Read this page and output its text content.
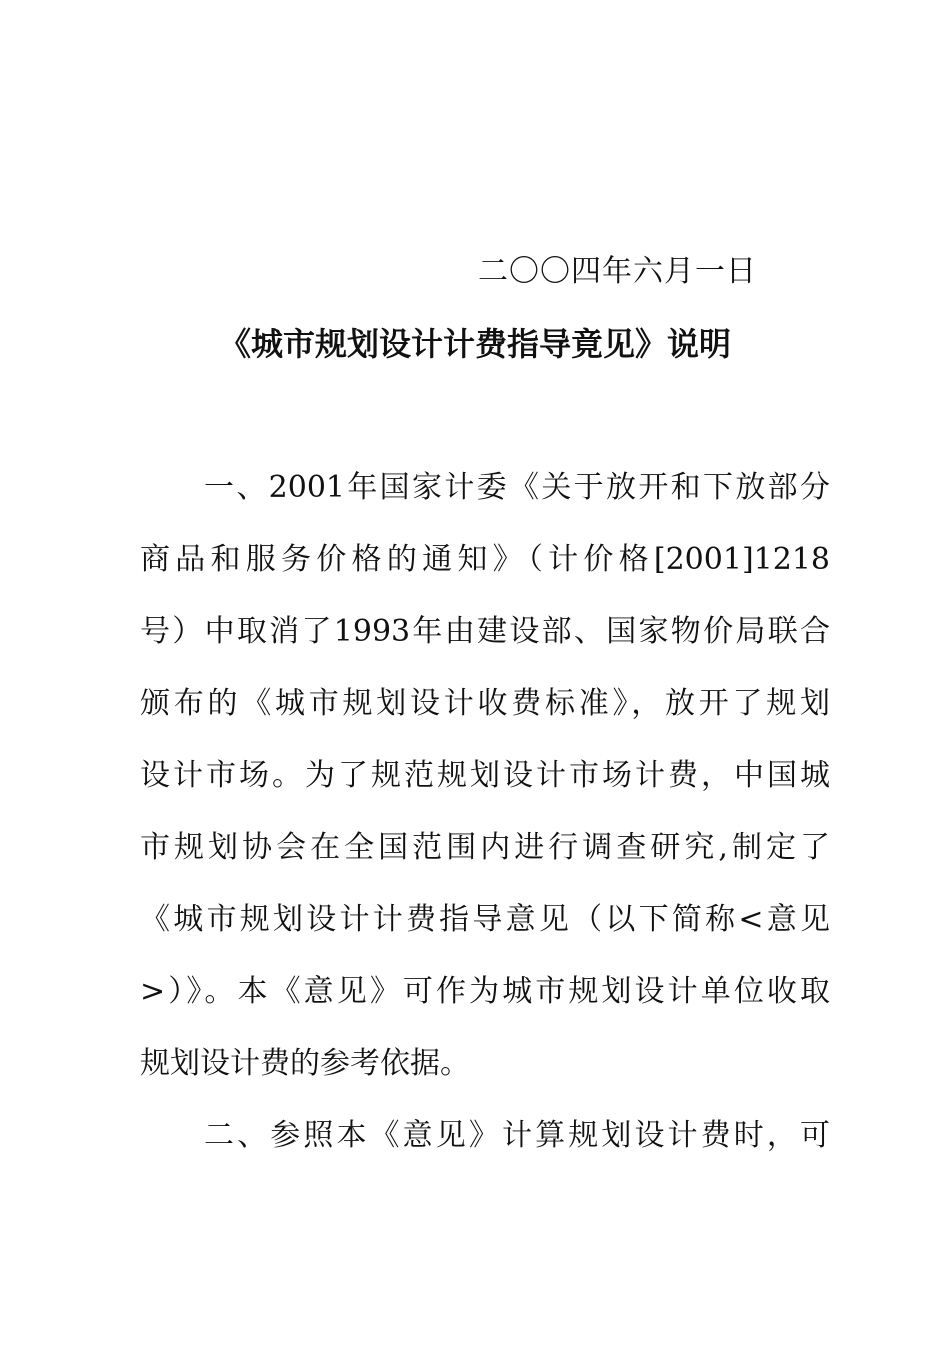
二〇〇四年六月一日
《城市规划设计计费指导竟见》说明
一、2001年国家计委《关于放开和下放部分
商品和服务价格的通知》（计价格[2001]1218
号）中取消了1993年由建设部、国家物价局联合
颁布的《城市规划设计收费标准》，放开了规划
设计市场。为了规范规划设计市场计费，中国城
市规划协会在全国范围内进行调查研究,制定了
《城市规划设计计费指导意见（以下简称<意见
>）》。本《意见》可作为城市规划设计单位收取
规划设计费的参考依据。
二、参照本《意见》计算规划设计费时，可
